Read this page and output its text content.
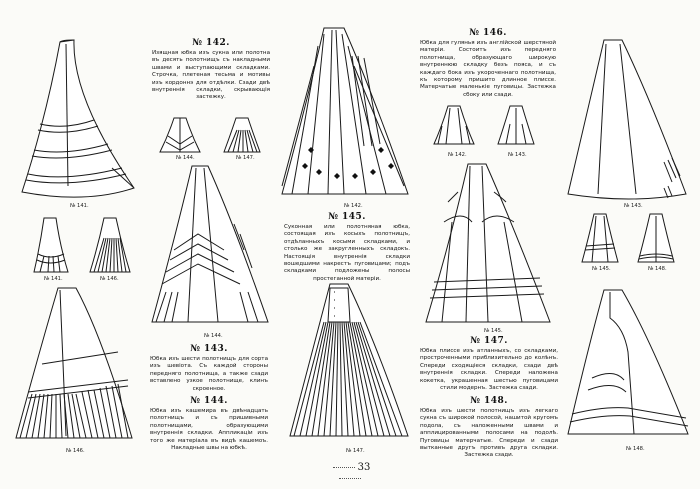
№ 141.
№ 141.	№ 146.
№ 146.
№ 142.

Изящная юбка изъ сукна или полотна въ десять полотнищъ съ накладными швами и выступающими складками. Строчка, плетеная тесьма и мотивы изъ кордоннэ для отдѣлки. Сзади двѣ внутреннія складки, скрывающія застежку.

№ 144.	№ 147.
№ 144.
№ 143.

Юбка изъ шести полотнищъ для сорта изъ шевіота. Съ каждой стороны передняго полотнища, а также сзади вставлено узкое полотнище, клинъ скроенное.

№ 144.

Юбка изъ кашемира въ двѣнадцать полотнищъ и съ пришивными полотнищами, образующими внутреннія складки. Аппликаціи изъ того же матерiала въ видѣ кашемоъ. Накладные швы на юбкѣ.

№ 142.
№ 145.

Суконная или полотняная юбка, состоящая изъ косыхъ полотнищъ, отдѣланныхъ косыми складками, и столько же закругленныхъ складокъ. Настоящія внутреннія складки вошедшими накрестъ пуговицами; подъ складками подложены полосы простеганной матеріи.

№ 147.
№ 146.

Юбка для гулянья изъ англійской шерстяной матеріи. Состоитъ изъ передняго полотнища, образующаго широкую внутреннюю складку безъ пояса, и съ каждаго бока изъ укороченнаго полотнища, къ которому пришито длинное плиссе. Матерчатые маленькіе пуговицы. Застежка сбоку или сзади.

№ 142.	№ 143.
№ 145.
№ 147.

Юбка плиссе изъ атланныхъ, со складками, простроченными приблизительно до колѣнъ. Спереди сходящіеся складки, сзади двѣ внутреннія складки. Спереди наложена кокетка, украшенная шестью пуговицами стили модернъ. Застежка сзади.

№ 148.

Юбка изъ шести полотнищъ изъ легкаго сукна съ широкой полосой, нашитой кругомъ подола, съ наложенными швами и апплицированными полосами на подолѣ. Пуговицы матерчатые. Спереди и сзади вытканные другъ противъ друга складки. Застежка сзади.

№ 143.
№ 145.	№ 148.
№ 148.
33
